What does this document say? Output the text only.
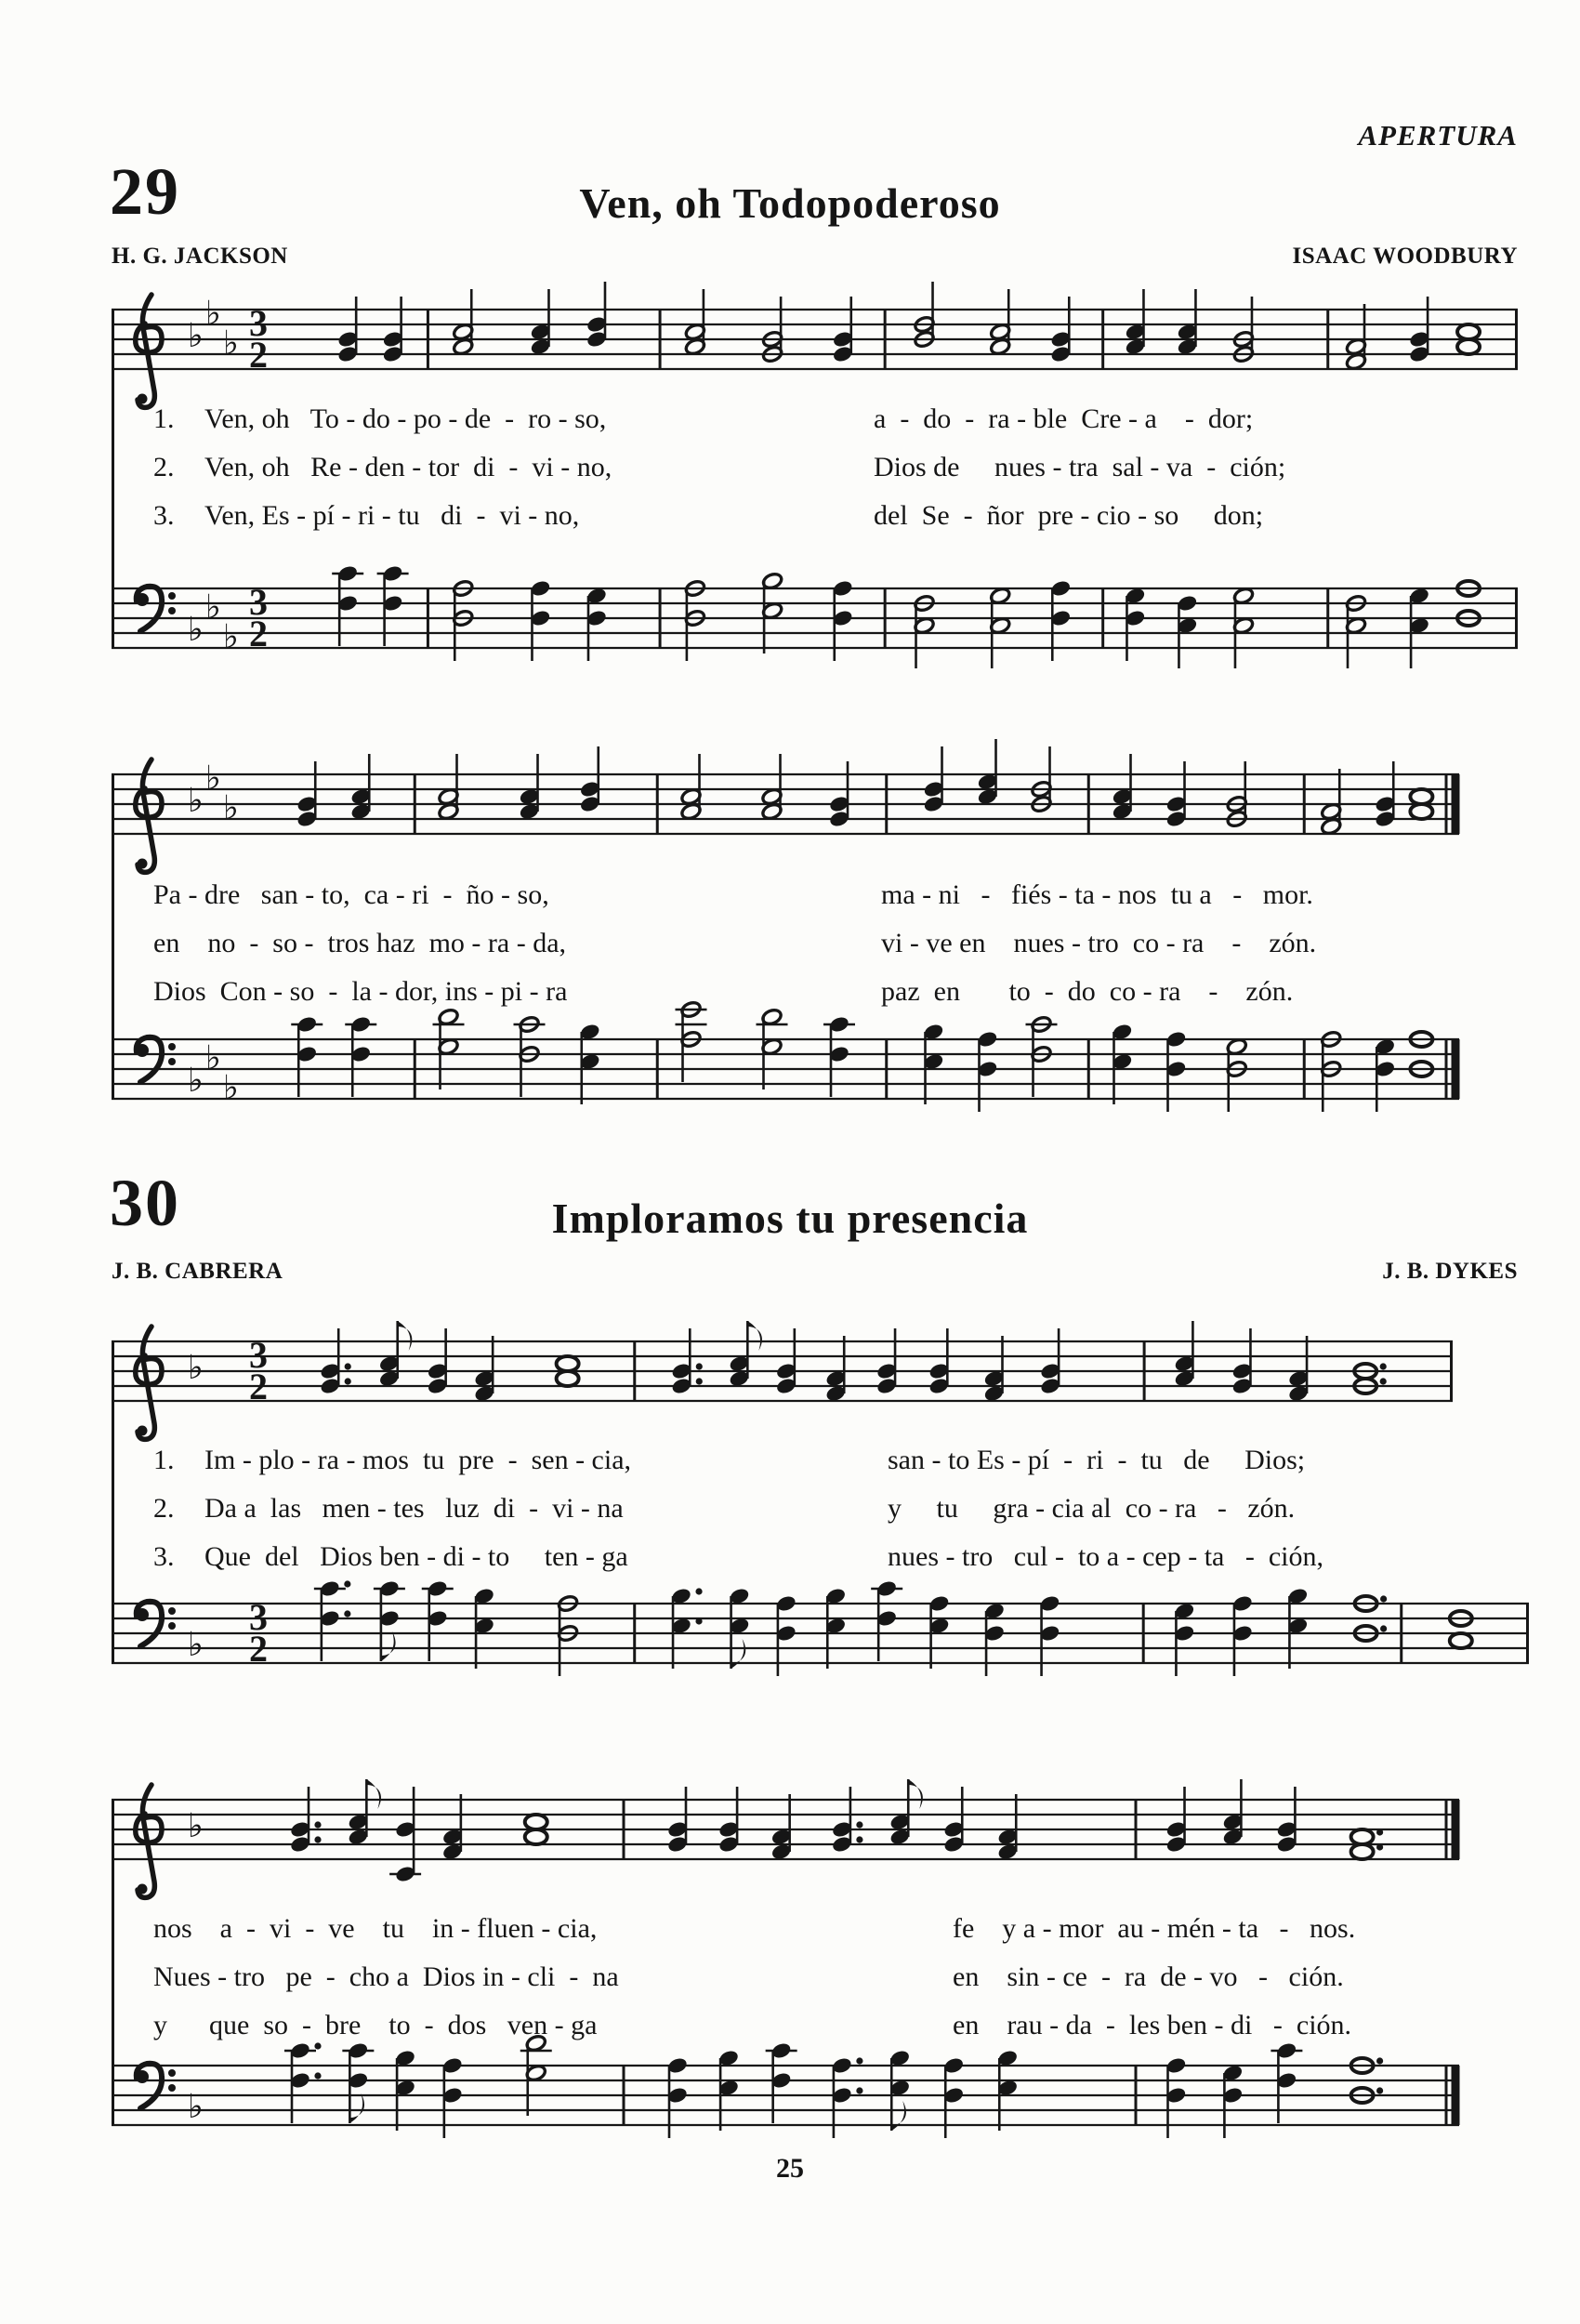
♭
♭
♭ 3
2
♭
♭
♭
3
2
♭
♭
♭
♭
♭
♭
♭ 3
2
♭
3
2
♭
♭
APERTURA
29	Ven, oh Todopoderoso
H. G. JACKSON	ISAAC WOODBURY
1. Ven, oh   To - do - po - de  -  ro - so,	a  -  do  -  ra - ble  Cre - a    -  dor;
2. Ven, oh   Re - den - tor  di  -  vi - no,	Dios de     nues - tra  sal - va  -  ción;
3. Ven, Es - pí - ri - tu   di  -  vi - no,	del  Se  -  ñor  pre - cio - so     don;
Pa - dre   san - to,  ca - ri  -  ño - so,	ma - ni   -   fiés - ta - nos  tu a   -   mor.
en    no  -  so -  tros haz  mo - ra - da,	vi - ve en    nues - tro  co - ra    -    zón.
Dios  Con - so  -  la - dor, ins - pi - ra	paz  en       to  -  do  co - ra    -    zón.
30	Imploramos tu presencia
J. B. CABRERA	J. B. DYKES
1. Im - plo - ra - mos  tu  pre  -  sen - cia,	san - to Es - pí  -  ri  -  tu   de     Dios;
2. Da a  las   men - tes   luz  di  -  vi - na	y     tu     gra - cia al  co - ra   -   zón.
3. Que  del   Dios ben - di - to     ten - ga	nues - tro   cul -  to a - cep - ta   -  ción,
nos    a  -  vi  -  ve    tu    in - fluen - cia,	fe    y a - mor  au - mén - ta   -   nos.
Nues - tro   pe  -  cho a  Dios in - cli  -  na	en    sin - ce  -  ra  de - vo   -   ción.
y      que  so  -  bre    to  -  dos   ven - ga	en    rau - da  -  les ben - di   -  ción.
25
